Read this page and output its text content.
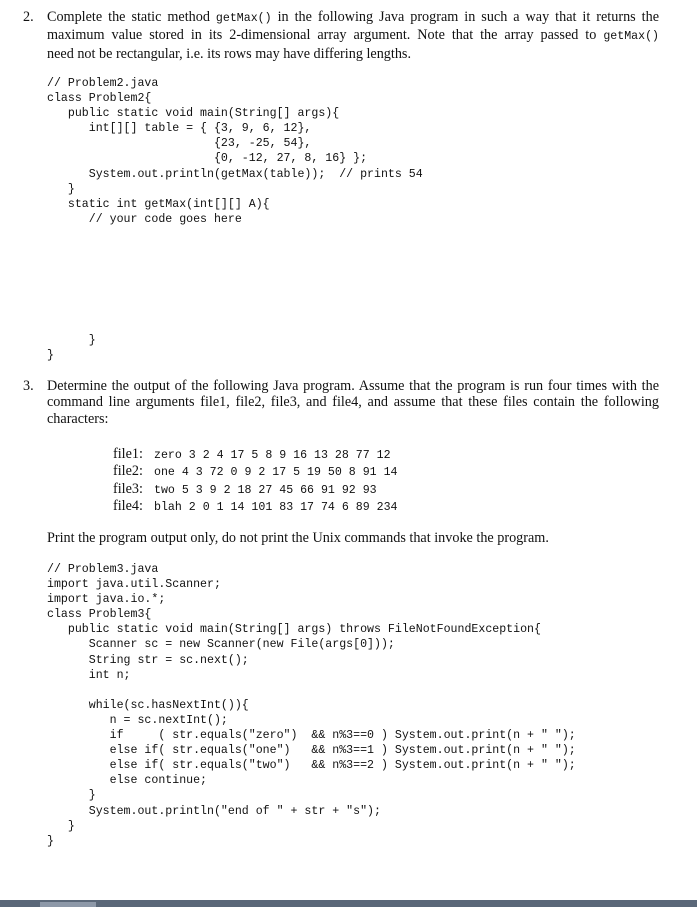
2. Complete the static method getMax() in the following Java program in such a way that it returns the
maximum value stored in its 2-dimensional array argument. Note that the array passed to getMax()
need not be rectangular, i.e. its rows may have differing lengths.
// Problem2.java
class Problem2{
public static void main(String[] args){
int[][] table = { {3, 9, 6, 12},
{23, -25, 54},
{0, -12, 27, 8, 16} };
System.out.println(getMax(table));  // prints 54
}
static int getMax(int[][] A){
// your code goes here

}
}
3. Determine the output of the following Java program. Assume that the program is run four times with the
command line arguments file1, file2, file3, and file4, and assume that these files contain the following
characters:
file1: zero 3 2 4 17 5 8 9 16 13 28 77 12
file2: one 4 3 72 0 9 2 17 5 19 50 8 91 14
file3: two 5 3 9 2 18 27 45 66 91 92 93
file4: blah 2 0 1 14 101 83 17 74 6 89 234

Print the program output only, do not print the Unix commands that invoke the program.

// Problem3.java
import java.util.Scanner;
import java.io.*;
class Problem3{
public static void main(String[] args) throws FileNotFoundException{
Scanner sc = new Scanner(new File(args[0]));
String str = sc.next();
int n;

while(sc.hasNextInt()){
n = sc.nextInt();
if     ( str.equals("zero")  && n%3==0 ) System.out.print(n + " ");
else if( str.equals("one")   && n%3==1 ) System.out.print(n + " ");
else if( str.equals("two")   && n%3==2 ) System.out.print(n + " ");
else continue;
}
System.out.println("end of " + str + "s");
}
}
